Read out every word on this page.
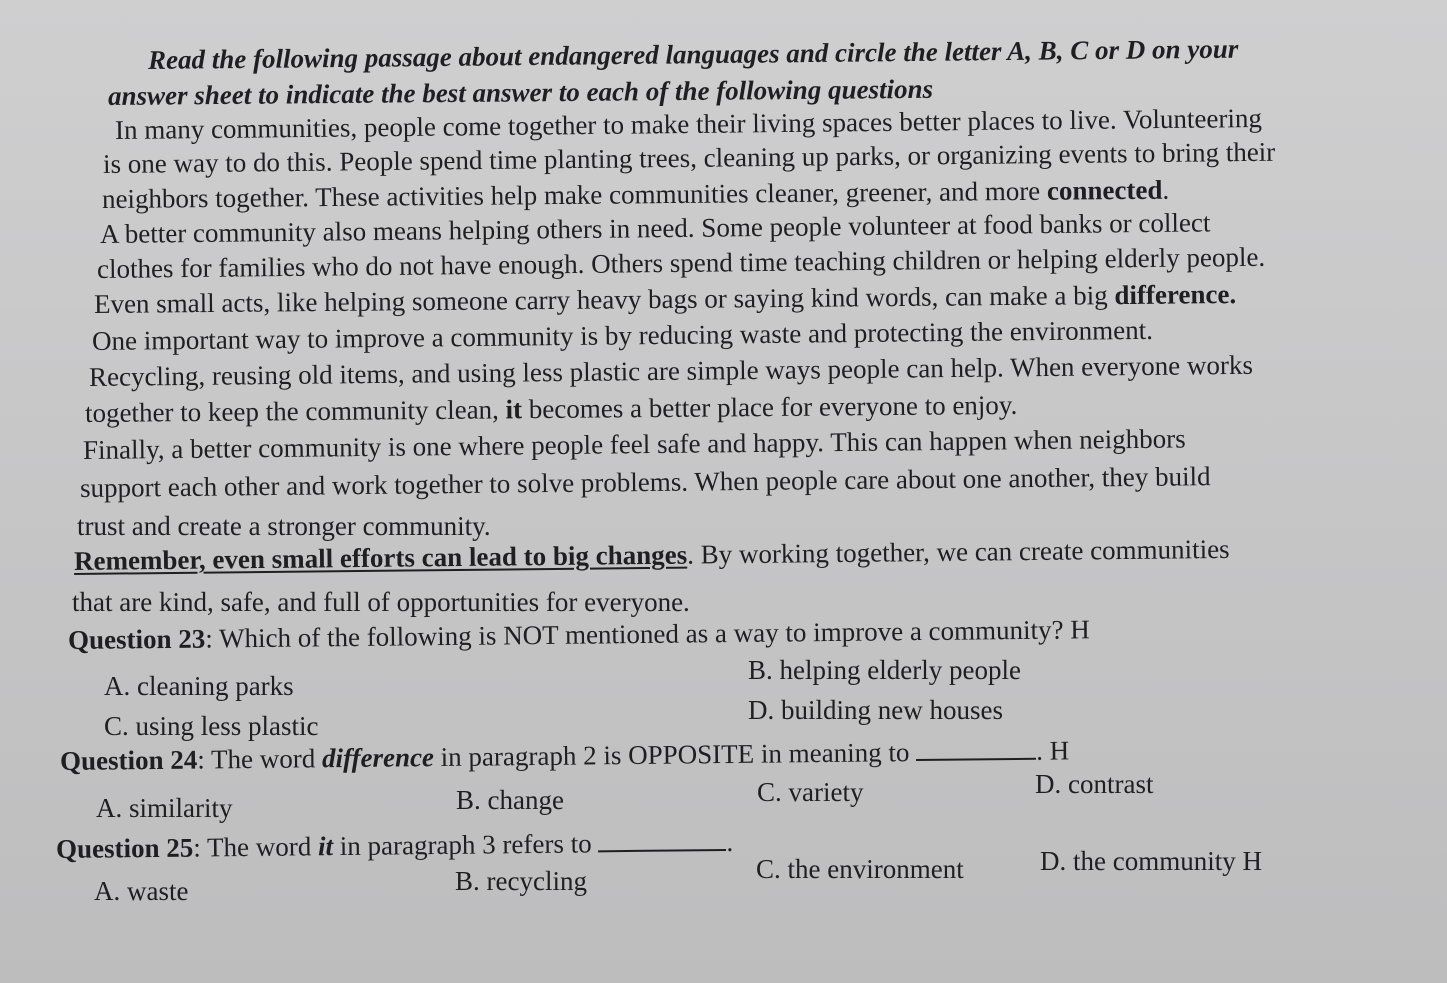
Read the following passage about endangered languages and circle the letter A, B, C or D on your
answer sheet to indicate the best answer to each of the following questions
In many communities, people come together to make their living spaces better places to live. Volunteering
is one way to do this. People spend time planting trees, cleaning up parks, or organizing events to bring their
neighbors together. These activities help make communities cleaner, greener, and more connected.
A better community also means helping others in need. Some people volunteer at food banks or collect
clothes for families who do not have enough. Others spend time teaching children or helping elderly people.
Even small acts, like helping someone carry heavy bags or saying kind words, can make a big difference.
One important way to improve a community is by reducing waste and protecting the environment.
Recycling, reusing old items, and using less plastic are simple ways people can help. When everyone works
together to keep the community clean, it becomes a better place for everyone to enjoy.
Finally, a better community is one where people feel safe and happy. This can happen when neighbors
support each other and work together to solve problems. When people care about one another, they build
trust and create a stronger community.
Remember, even small efforts can lead to big changes. By working together, we can create communities
that are kind, safe, and full of opportunities for everyone.
Question 23: Which of the following is NOT mentioned as a way to improve a community? H
A. cleaning parks
B. helping elderly people
C. using less plastic
D. building new houses
Question 24: The word difference in paragraph 2 is OPPOSITE in meaning to	. H
A. similarity	B. change	C. variety	D. contrast
Question 25: The word it in paragraph 3 refers to	.
A. waste	B. recycling	C. the environment	D. the community H
